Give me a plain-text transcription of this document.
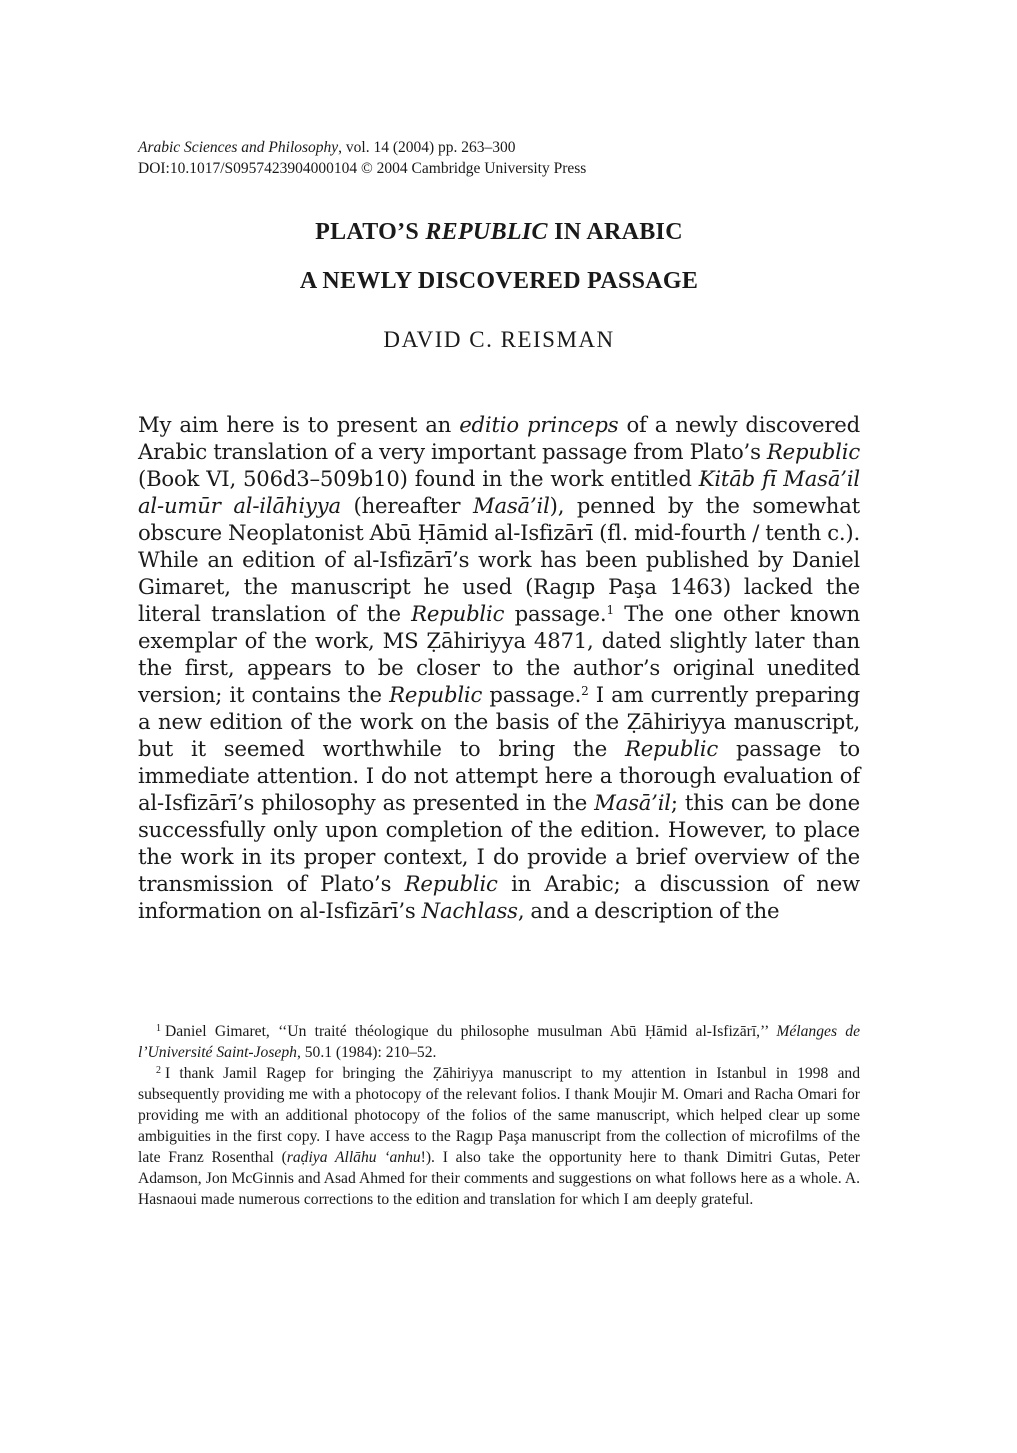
Arabic Sciences and Philosophy, vol. 14 (2004) pp. 263–300
DOI:10.1017/S0957423904000104 © 2004 Cambridge University Press
PLATO’S REPUBLIC IN ARABIC
A NEWLY DISCOVERED PASSAGE
DAVID C. REISMAN
My aim here is to present an editio princeps of a newly discovered Arabic translation of a very important passage from Plato’s Republic (Book VI, 506d3–509b10) found in the work entitled Kitāb fī Masā’il al-umūr al-ilāhiyya (hereafter Masā’il), penned by the somewhat obscure Neoplatonist Abū Ḥāmid al-Isfizārī (fl. mid-fourth / tenth c.). While an edition of al-Isfizārī’s work has been published by Daniel Gimaret, the manuscript he used (Ragıp Paşa 1463) lacked the literal translation of the Republic passage.$^1$ The one other known exemplar of the work, MS Ẓāhiriyya 4871, dated slightly later than the first, appears to be closer to the author’s original unedited version; it contains the Republic passage.$^2$ I am currently preparing a new edition of the work on the basis of the Ẓāhiriyya manuscript, but it seemed worthwhile to bring the Republic passage to immediate attention. I do not attempt here a thorough evaluation of al-Isfizārī’s philosophy as presented in the Masā’il; this can be done successfully only upon completion of the edition. However, to place the work in its proper context, I do provide a brief overview of the transmission of Plato’s Republic in Arabic; a discussion of new information on al-Isfizārī’s Nachlass, and a description of the

$^1$ Daniel Gimaret, ‘‘Un traité théologique du philosophe musulman Abū Ḥāmid al-Isfizārī,’’ Mélanges de l’Université Saint-Joseph, 50.1 (1984): 210–52.

$^2$ I thank Jamil Ragep for bringing the Ẓāhiriyya manuscript to my attention in Istanbul in 1998 and subsequently providing me with a photocopy of the relevant folios. I thank Moujir M. Omari and Racha Omari for providing me with an additional photocopy of the folios of the same manuscript, which helped clear up some ambiguities in the first copy. I have access to the Ragıp Paşa manuscript from the collection of microfilms of the late Franz Rosenthal (raḍiya Allāhu ‘anhu!). I also take the opportunity here to thank Dimitri Gutas, Peter Adamson, Jon McGinnis and Asad Ahmed for their comments and suggestions on what follows here as a whole. A. Hasnaoui made numerous corrections to the edition and translation for which I am deeply grateful.
